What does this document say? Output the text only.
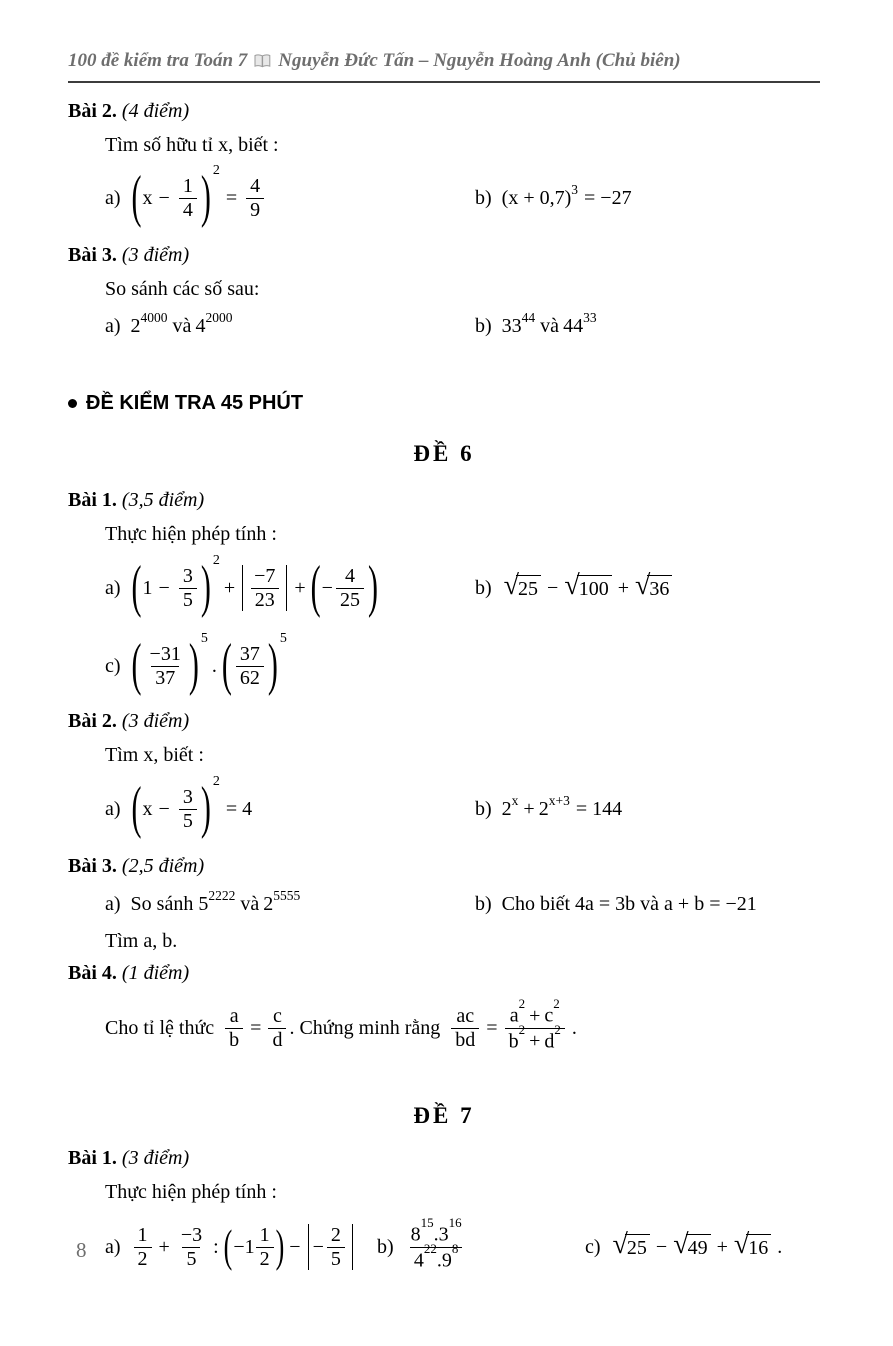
100 đề kiểm tra Toán 7 Nguyễn Đức Tấn – Nguyễn Hoàng Anh (Chủ biên)
Bài 2. (4 điểm)
Tìm số hữu tỉ x, biết :
a) ( $x - \frac{1}{4} )^2$
= $\frac{4}{9}$	b) $(x + 0,7)^3 = -27$
Bài 3. (3 điểm)
So sánh các số sau:
a) $2^{4000}$ và $4^{2000}$	b) $33^{44}$ và $44^{33}$
ĐỀ KIỂM TRA 45 PHÚT
ĐỀ 6
Bài 1. (3,5 điểm)
Thực hiện phép tính :
a) ( $1 - \frac{3}{5} )^2$
+ $\frac{-7}{23}$ + ( − $\frac{4}{25}$ )	b) √ 25 − √ 100 + √ 36
c) ( $\frac{-31}{37} )^5$
. ( $\frac{37}{62} )^5$
Bài 2. (3 điểm)
Tìm x, biết :
a) ( $x - \frac{3}{5} )^2$
= 4	b) $2^x + 2^{x+3} = 144$
Bài 3. (2,5 điểm)
a) So sánh $5^{2222}$ và $2^{5555}$	b) Cho biết 4a = 3b và a + b = −21
Tìm a, b.
Bài 4. (1 điểm)
Cho tỉ lệ thức $\frac{a}{b} = \frac{c}{d}$ . Chứng minh rằng $\frac{ac}{bd} = \frac{a^2+ c^2}{b^2+ d^2}$ .
ĐỀ 7
Bài 1. (3 điểm)
Thực hiện phép tính :
$a) \frac{1}{2} + \frac{-3}{5}$ : ( $-1 \frac{1}{2}$ ) − − $\frac{2}{5} b) \frac{8^{15}.3^{16}}{4^{22}.9^8}$	c) √ 25 − √ 49 + √ 16 .
8
